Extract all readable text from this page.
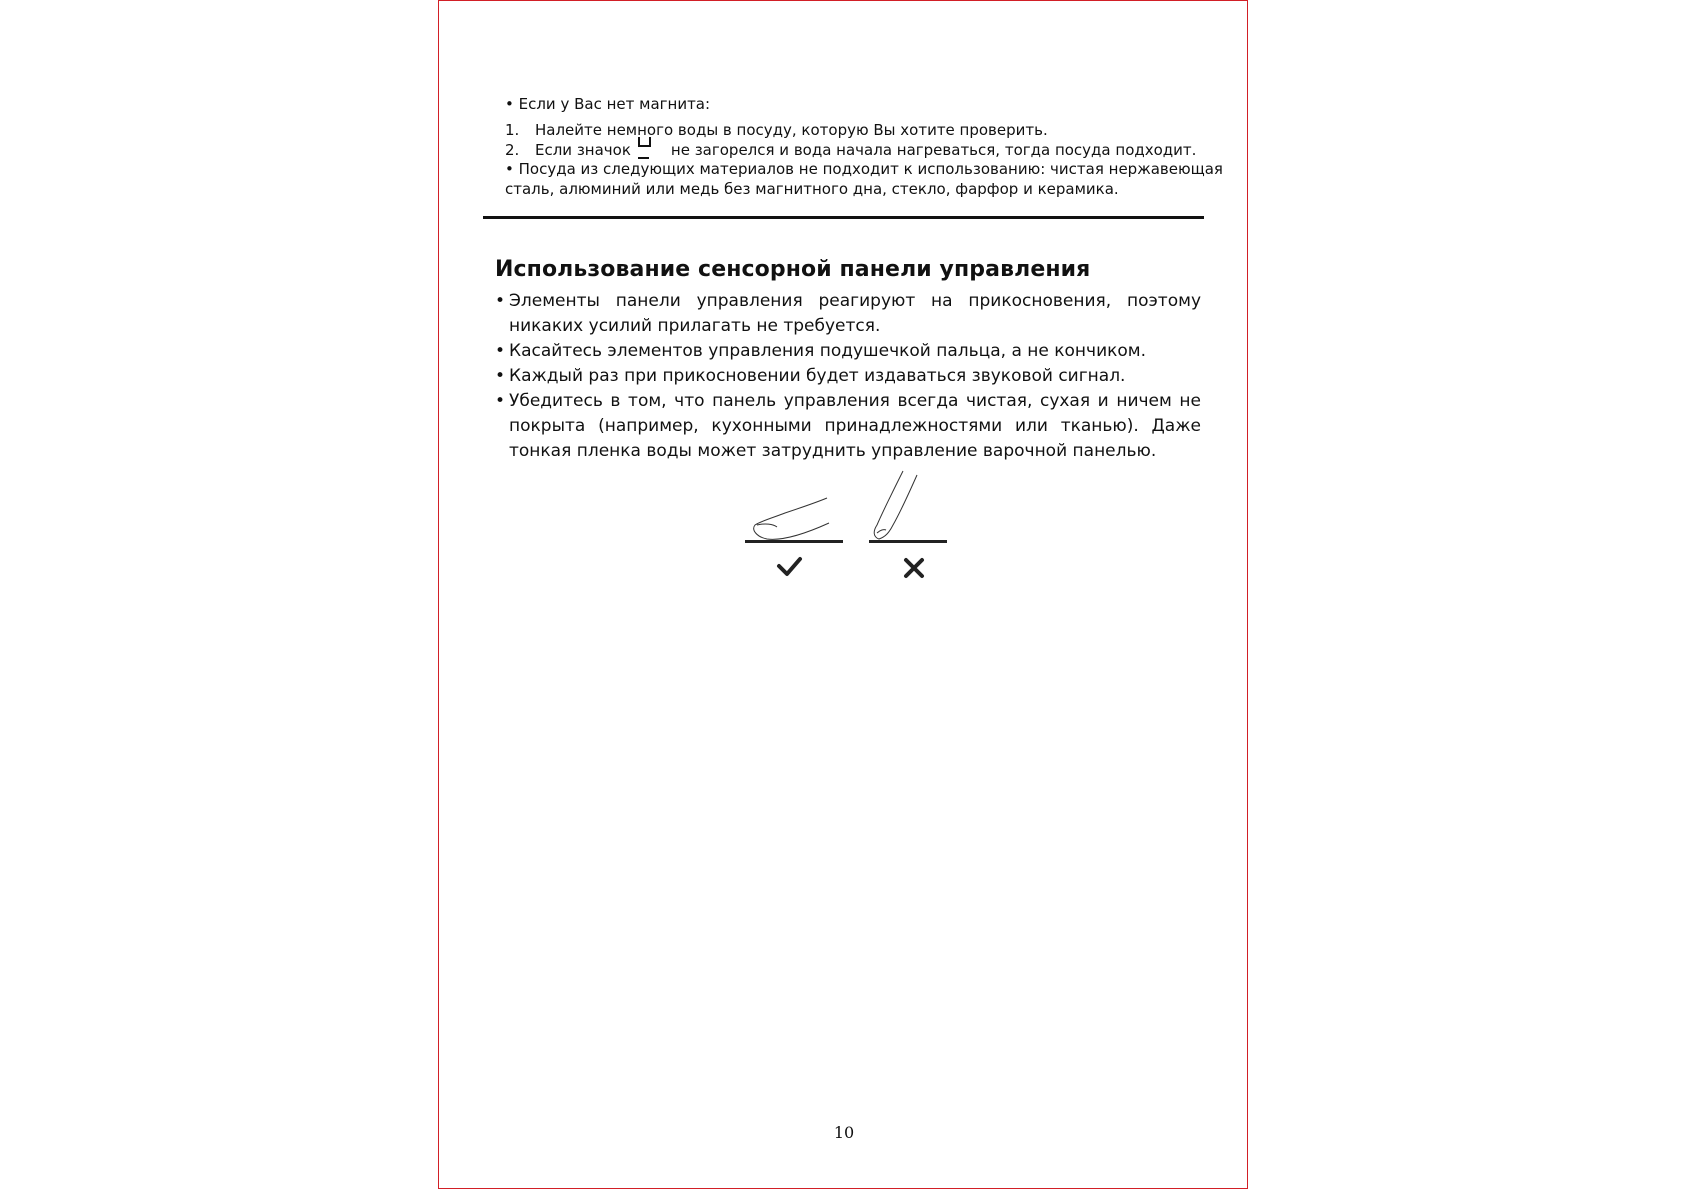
• Если у Вас нет магнита:

1. Налейте немного воды в посуду, которую Вы хотите проверить.

2. Если значок	не загорелся и вода начала нагреваться, тогда посуда подходит.

• Посуда из следующих материалов не подходит к использованию: чистая нержавеющая сталь, алюминий или медь без магнитного дна, стекло, фарфор и керамика.

Использование сенсорной панели управления
• Элементы панели управления реагируют на прикосновения, поэтому никаких усилий прилагать не требуется.
• Касайтесь элементов управления подушечкой пальца, а не кончиком.
• Каждый раз при прикосновении будет издаваться звуковой сигнал.
• Убедитесь в том, что панель управления всегда чистая, сухая и ничем не покрыта (например, кухонными принадлежностями или тканью). Даже тонкая пленка воды может затруднить управление варочной панелью.
10
